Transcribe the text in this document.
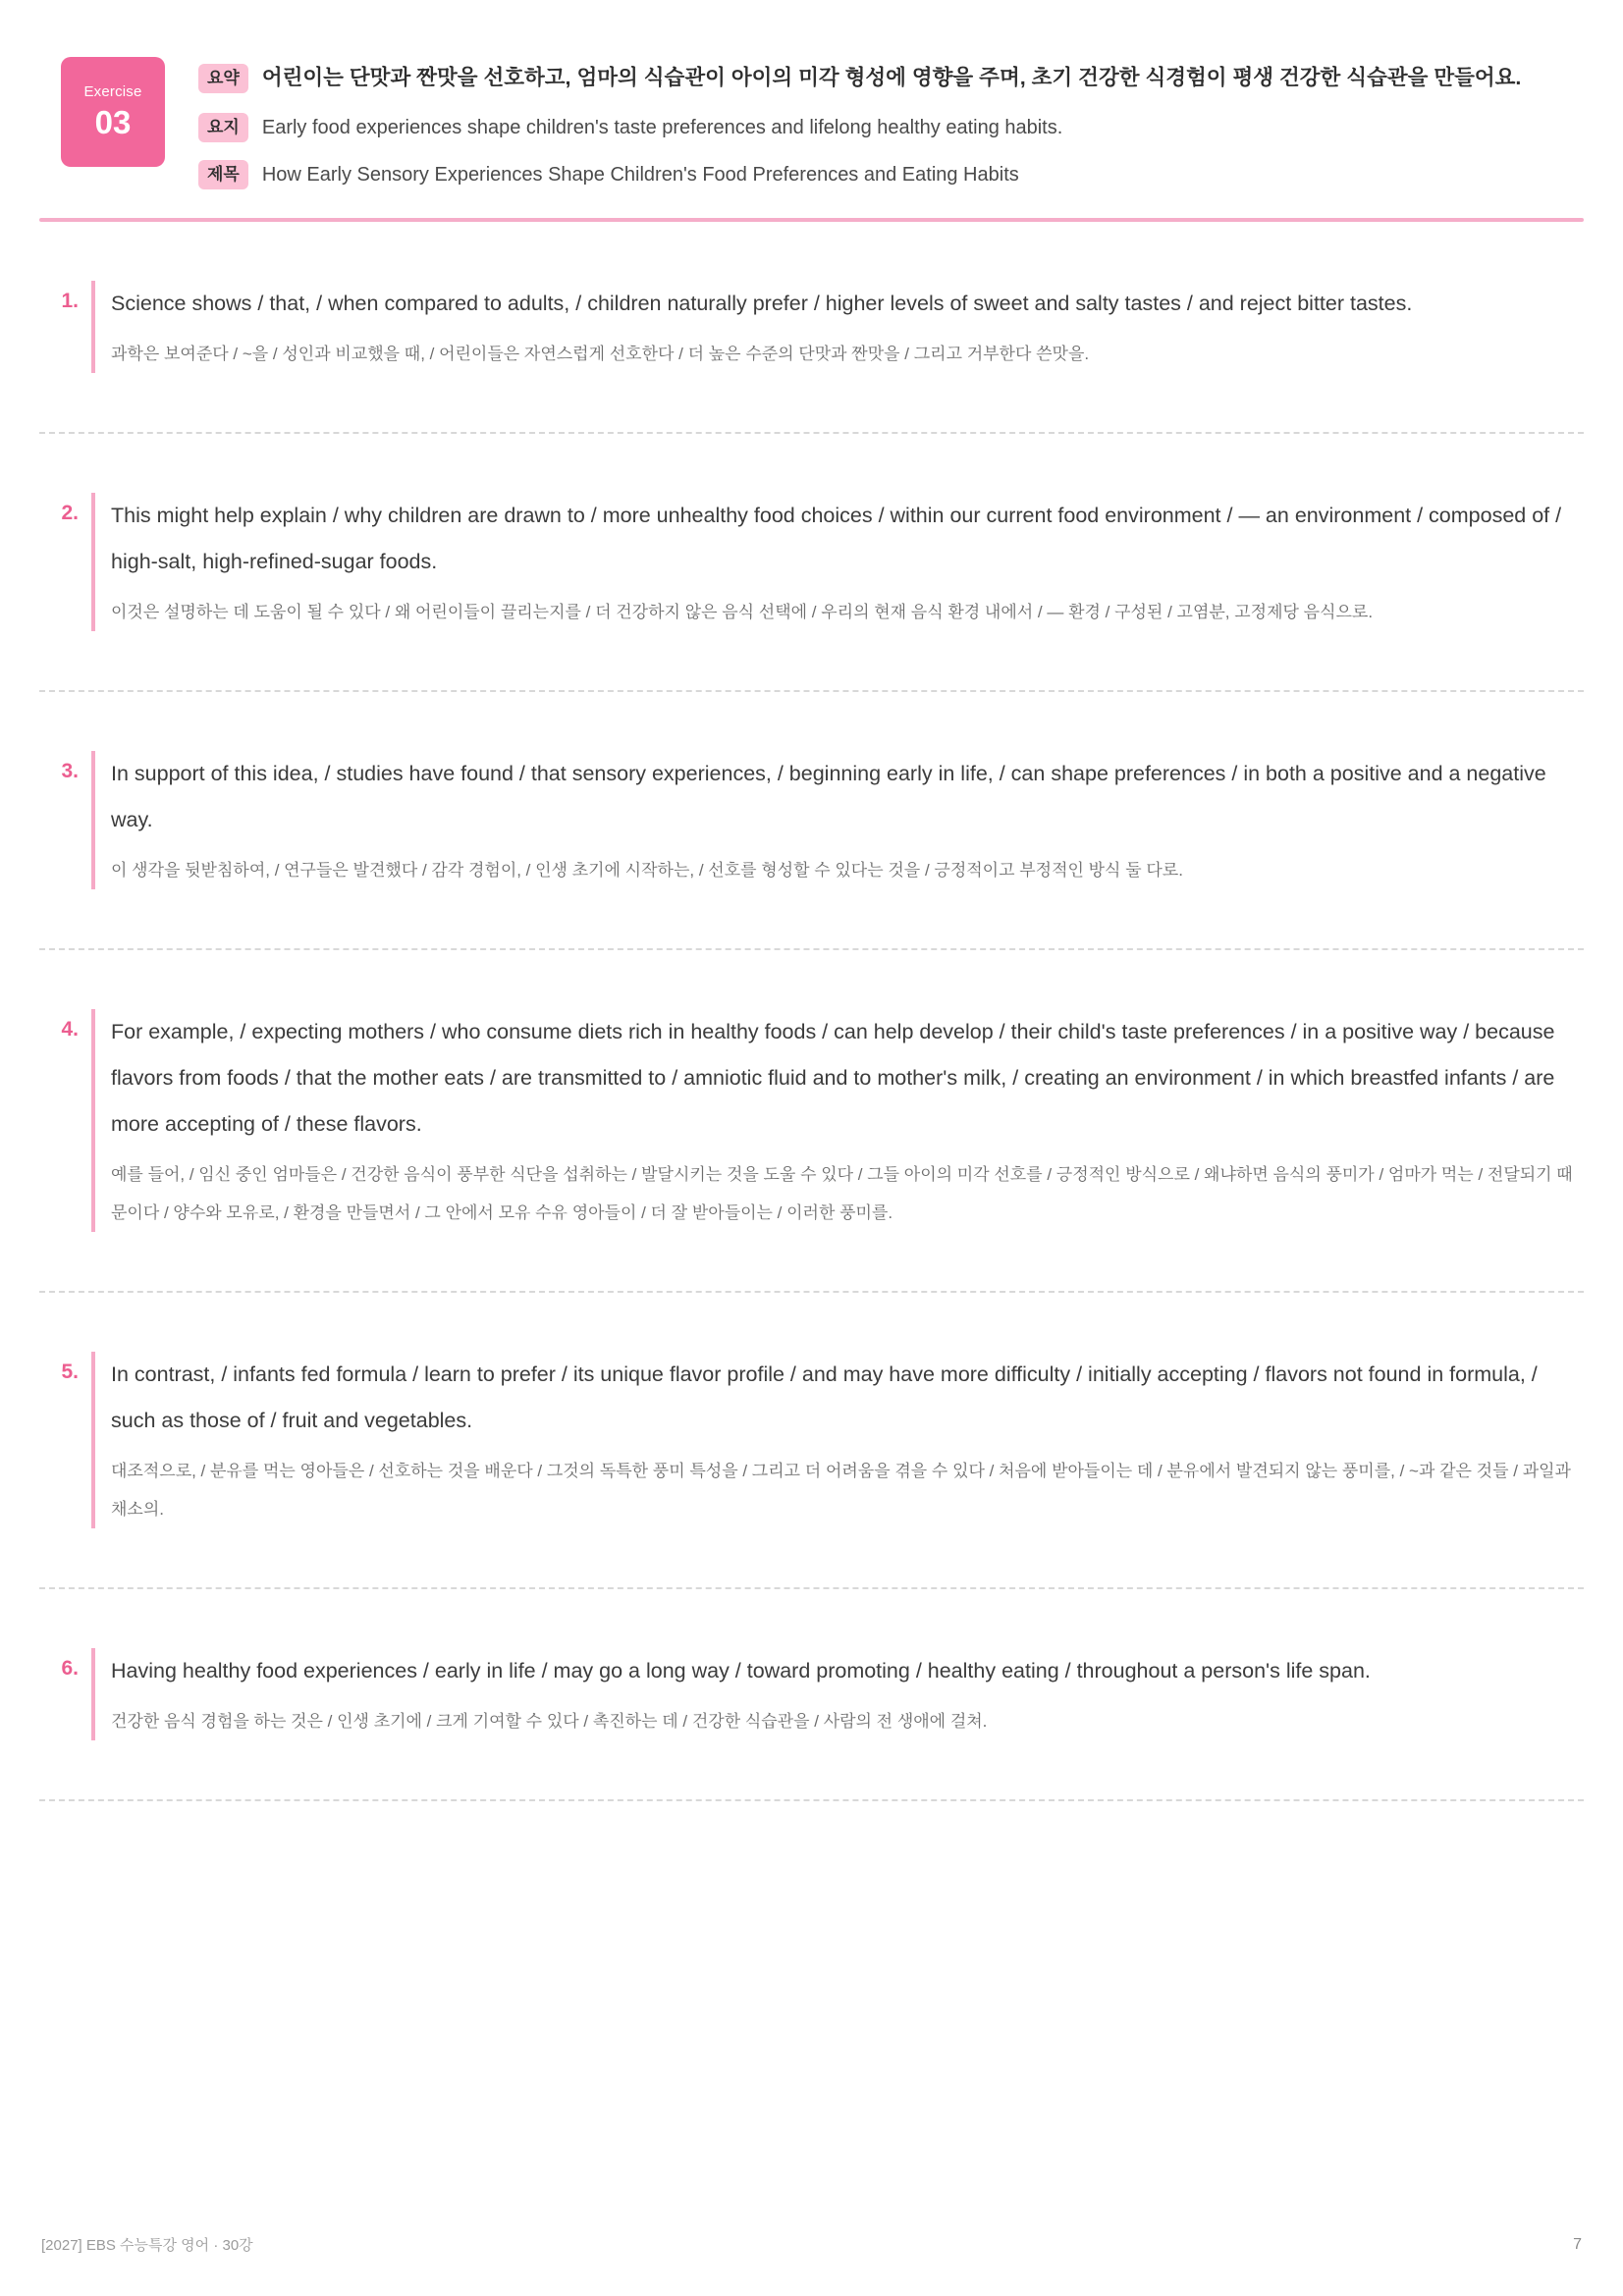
Exercise
03
요약	어린이는 단맛과 짠맛을 선호하고, 엄마의 식습관이 아이의 미각 형성에 영향을 주며, 초기 건강한 식경험이 평생 건강한 식습관을 만들어요.

요지	Early food experiences shape children's taste preferences and lifelong healthy eating habits.

제목	How Early Sensory Experiences Shape Children's Food Preferences and Eating Habits

1. Science shows / that, / when compared to adults, / children naturally prefer / higher levels of sweet and salty tastes / and reject bitter tastes.

과학은 보여준다 / ~을 / 성인과 비교했을 때, / 어린이들은 자연스럽게 선호한다 / 더 높은 수준의 단맛과 짠맛을 / 그리고 거부한다 쓴맛을.

2. This might help explain / why children are drawn to / more unhealthy food choices / within our current food environment / — an environment / composed of / high-salt, high-refined-sugar foods.

이것은 설명하는 데 도움이 될 수 있다 / 왜 어린이들이 끌리는지를 / 더 건강하지 않은 음식 선택에 / 우리의 현재 음식 환경 내에서 / — 환경 / 구성된 / 고염분, 고정제당 음식으로.

3. In support of this idea, / studies have found / that sensory experiences, / beginning early in life, / can shape preferences / in both a positive and a negative way.

이 생각을 뒷받침하여, / 연구들은 발견했다 / 감각 경험이, / 인생 초기에 시작하는, / 선호를 형성할 수 있다는 것을 / 긍정적이고 부정적인 방식 둘 다로.

4. For example, / expecting mothers / who consume diets rich in healthy foods / can help develop / their child's taste preferences / in a positive way / because flavors from foods / that the mother eats / are transmitted to / amniotic fluid and to mother's milk, / creating an environment / in which breastfed infants / are more accepting of / these flavors.

예를 들어, / 임신 중인 엄마들은 / 건강한 음식이 풍부한 식단을 섭취하는 / 발달시키는 것을 도울 수 있다 / 그들 아이의 미각 선호를 / 긍정적인 방식으로 / 왜냐하면 음식의 풍미가 / 엄마가 먹는 / 전달되기 때문이다 / 양수와 모유로, / 환경을 만들면서 / 그 안에서 모유 수유 영아들이 / 더 잘 받아들이는 / 이러한 풍미를.

5. In contrast, / infants fed formula / learn to prefer / its unique flavor profile / and may have more difficulty / initially accepting / flavors not found in formula, / such as those of / fruit and vegetables.

대조적으로, / 분유를 먹는 영아들은 / 선호하는 것을 배운다 / 그것의 독특한 풍미 특성을 / 그리고 더 어려움을 겪을 수 있다 / 처음에 받아들이는 데 / 분유에서 발견되지 않는 풍미를, / ~과 같은 것들 / 과일과 채소의.

6. Having healthy food experiences / early in life / may go a long way / toward promoting / healthy eating / throughout a person's life span.

건강한 음식 경험을 하는 것은 / 인생 초기에 / 크게 기여할 수 있다 / 촉진하는 데 / 건강한 식습관을 / 사람의 전 생애에 걸쳐.

[2027] EBS 수능특강 영어 · 30강	7
